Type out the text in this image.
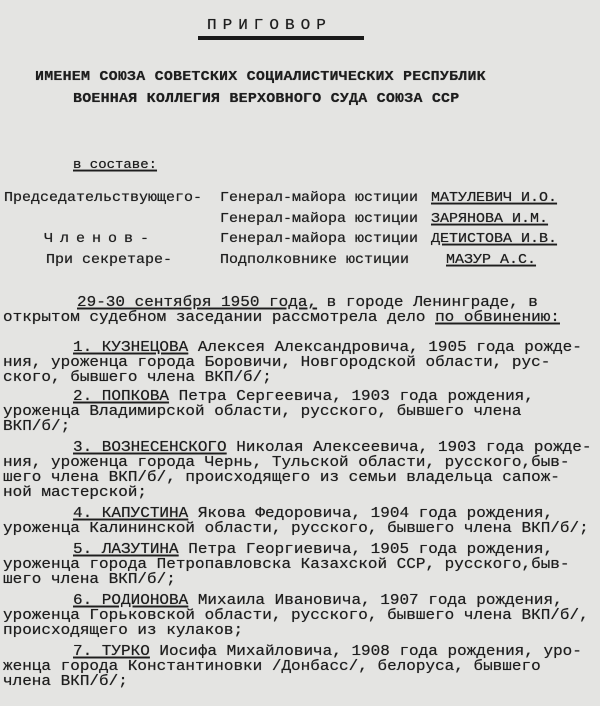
ПРИГОВОР
ИМЕНЕМ СОЮЗА СОВЕТСКИХ СОЦИАЛИСТИЧЕСКИХ РЕСПУБЛИК
ВОЕННАЯ КОЛЛЕГИЯ ВЕРХОВНОГО СУДА СОЮЗА ССР
в составе:
Председательствующего- Генерал-майора юстиции МАТУЛЕВИЧ И.О.
Генерал-майора юстиции ЗАРЯНОВА И.М.
Членов-	Генерал-майора юстиции ДЕТИСТОВА И.В.
При секретаре-	Подполковнике юстиции МАЗУР А.С.
29-30 сентября 1950 года, в городе Ленинграде, в
открытом судебном заседании рассмотрела дело по обвинению:
1. КУЗНЕЦОВА Алексея Александровича, 1905 года рожде-
ния, уроженца города Боровичи, Новгородской области, рус-
ского, бывшего члена ВКП/б/;
2. ПОПКОВА Петра Сергеевича, 1903 года рождения,
уроженца Владимирской области, русского, бывшего члена
ВКП/б/;
3. ВОЗНЕСЕНСКОГО Николая Алексеевича, 1903 года рожде-
ния, уроженца города Чернь, Тульской области, русского,быв-
шего члена ВКП/б/, происходящего из семьи владельца сапож-
ной мастерской;
4. КАПУСТИНА Якова Федоровича, 1904 года рождения,
уроженца Калининской области, русского, бывшего члена ВКП/б/;
5. ЛАЗУТИНА Петра Георгиевича, 1905 года рождения,
уроженца города Петропавловска Казахской ССР, русского,быв-
шего члена ВКП/б/;
6. РОДИОНОВА Михаила Ивановича, 1907 года рождения,
уроженца Горьковской области, русского, бывшего члена ВКП/б/,
происходящего из кулаков;
7. ТУРКО Иосифа Михайловича, 1908 года рождения, уро-
женца города Константиновки /Донбасс/, белоруса, бывшего
члена ВКП/б/;
